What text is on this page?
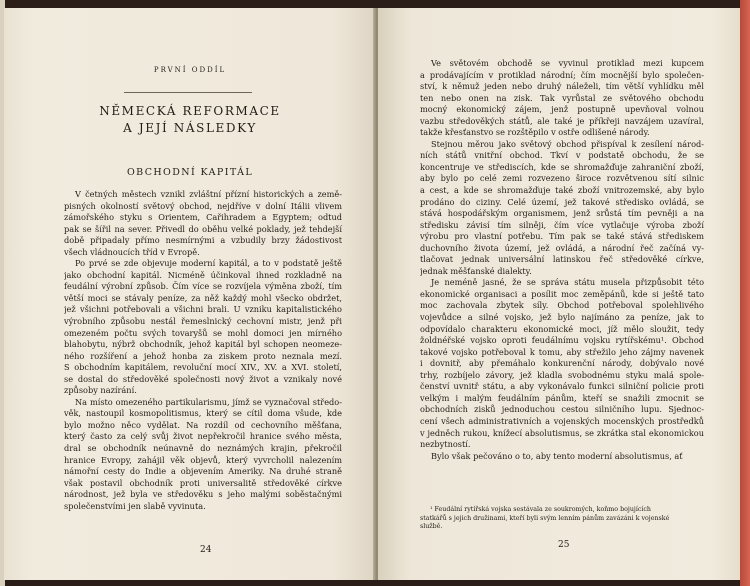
PRVNÍ ODDÍL
NĚMECKÁ REFORMACE
A JEJÍ NÁSLEDKY
OBCHODNÍ KAPITÁL
V četných městech vznikl zvláštní přízní historických a země-
pisných okolností světový obchod, nejdříve v dolní Itálii vlivem
zámořského styku s Orientem, Cařihradem a Egyptem; odtud
pak se šířil na sever. Přivedl do oběhu velké poklady, jež tehdejší
době připadaly přímo nesmírnými a vzbudily brzy žádostivost
všech vládnoucích tříd v Evropě.
Po prvé se zde objevuje moderní kapitál, a to v podstatě ještě
jako obchodní kapitál. Nicméně účinkoval ihned rozkladně na
feudální výrobní způsob. Čím více se rozvíjela výměna zboží, tím
větší moci se stávaly peníze, za něž každý mohl všecko obdržet,
jež všichni potřebovali a všichni brali. U vzniku kapitalistického
výrobního způsobu nestál řemeslnický cechovní mistr, jenž při
omezeném počtu svých tovaryšů se mohl domoci jen mírného
blahobytu, nýbrž obchodník, jehož kapitál byl schopen neomeze-
ného rozšíření a jehož honba za ziskem proto neznala mezí.
S obchodním kapitálem, revoluční mocí XIV., XV. a XVI. století,
se dostal do středověké společnosti nový život a vznikaly nové
způsoby nazírání.
Na místo omezeného partikularismu, jímž se vyznačoval středo-
věk, nastoupil kosmopolitismus, který se cítil doma všude, kde
bylo možno něco vydělat. Na rozdíl od cechovního měšťana,
který často za celý svůj život nepřekročil hranice svého města,
dral se obchodník neúnavně do neznámých krajin, překročil
hranice Evropy, zahájil věk objevů, který vyvrcholil nalezením
námořní cesty do Indie a objevením Ameriky. Na druhé straně
však postavil obchodník proti universalitě středověké církve
národnost, jež byla ve středověku s jeho malými soběstačnými
společenstvími jen slabě vyvinuta.
24
Ve světovém obchodě se vyvinul protiklad mezi kupcem
a prodávajícím v protiklad národní; čím mocnější bylo společen-
ství, k němuž jeden nebo druhý náleželi, tím větší vyhlídku měl
ten nebo onen na zisk. Tak vyrůstal ze světového obchodu
mocný ekonomický zájem, jenž postupně upevňoval volnou
vazbu středověkých států, ale také je příkřeji navzájem uzavíral,
takže křesťanstvo se rozštěpilo v ostře odlišené národy.
Stejnou měrou jako světový obchod přispíval k zesílení národ-
ních států vnitřní obchod. Tkví v podstatě obchodu, že se
koncentruje ve střediscích, kde se shromažďuje zahraniční zboží,
aby bylo po celé zemi rozvezeno široce rozvětvenou sítí silnic
a cest, a kde se shromažďuje také zboží vnitrozemské, aby bylo
prodáno do ciziny. Celé území, jež takové středisko ovládá, se
stává hospodářským organismem, jenž srůstá tím pevněji a na
středisku závisí tím silněji, čím více vytlačuje výroba zboží
výrobu pro vlastní potřebu. Tím pak se také stává střediskem
duchovního života území, jež ovládá, a národní řeč začíná vy-
tlačovat jednak universální latinskou řeč středověké církve,
jednak měšťanské dialekty.
Je neméně jasné, že se správa státu musela přizpůsobit této
ekonomické organisaci a posílit moc zeměpánů, kde si ještě tato
moc zachovala zbytek síly. Obchod potřeboval spolehlivého
vojevůdce a silné vojsko, jež bylo najímáno za peníze, jak to
odpovídalo charakteru ekonomické moci, jíž mělo sloužit, tedy
žoldnéřské vojsko oproti feudálnímu vojsku rytířskému¹. Obchod
takové vojsko potřeboval k tomu, aby střežilo jeho zájmy navenek
i dovnitř, aby přemáhalo konkurenční národy, dobývalo nové
trhy, rozbíjelo závory, jež kladla svobodnému styku malá spole-
čenství uvnitř státu, a aby vykonávalo funkci silniční policie proti
velkým i malým feudálním pánům, kteří se snažili zmocnit se
obchodních zisků jednoduchou cestou silničního lupu. Sjednoc-
cení všech administrativních a vojenských mocenských prostředků
v jedněch rukou, knížecí absolutismus, se zkrátka stal ekonomickou
nezbytností.
Bylo však pečováno o to, aby tento moderní absolutismus, ať
¹ Feudální rytířská vojska sestávala ze soukromých, koňmo bojujících
statkářů s jejich družinami, kteří byli svým lenním pánům zavázáni k vojenské
službě.
25
